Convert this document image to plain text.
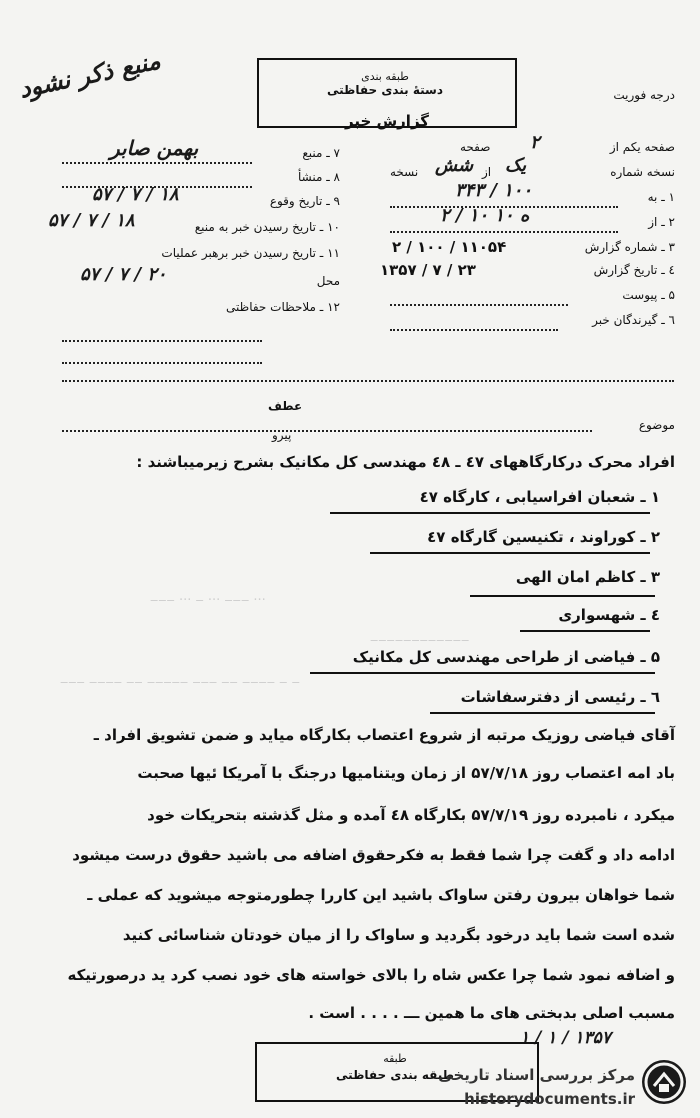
منبع ذکر نشود	طبقه بندی
دستهٔ بندی حفاظتی
گزارش خبر
درجه فوریت
صفحه یکم از
۲
صفحه
نسخه شماره
یک
از
شش
نسخه
۱ ـ به
۳۴۳ / ۱۰۰
۲ ـ از
۲ / ۱۰ ه ۱۰
۳ ـ شماره گزارش
۲ / ۱۰۰ / ۱۱۰۵۴
٤ ـ تاریخ گزارش
۱۳۵۷ / ۷ / ۲۳
۵ ـ پیوست
٦ ـ گیرندگان خبر
۷ ـ منبع
بهمن صابر
۸ ـ منشأ
۹ ـ تاریخ وقوع
۵۷ / ۷ / ۱۸
۱۰ ـ تاریخ رسیدن خبر به منبع
۵۷ / ۷ / ۱۸
۱۱ ـ تاریخ رسیدن خبر برهبر عملیات
محل
۵۷ / ۷ / ۲۰
۱۲ ـ ملاحظات حفاظتی
عطف
پیرو
موضوع
افراد محرک درکارگاههای ٤۷ ـ ٤۸ مهندسی کل مکانیک بشرح زیرمیباشند :
۱ ـ شعبان افراسیابی ، کارگاه ٤۷
۲ ـ کوراوند ، تکنیسین گارگاه ٤۷
۳ ـ کاظم امان الهی
··· ‒‒‒ ··· ‒ ··· ‒‒‒
٤ ـ شهسواری
‒‒‒‒‒‒‒‒‒‒‒‒
۵ ـ فیاضی از طراحی مهندسی کل مکانیک
‒ ‒ ‒‒‒‒ ‒‒ ‒‒‒ ‒‒‒‒‒ ‒‒ ‒‒‒‒ ‒‒‒
٦ ـ رئیسی از دفترسفاشات
آقای فیاضی روزیک مرتبه از شروع اعتصاب بکارگاه میاید و ضمن تشویق افراد ـ
باد امه اعتصاب روز ۵۷/۷/۱۸ از زمان ویتنامیها درجنگ با آمریکا ئیها صحبت
میکرد ، نامبرده روز ۵۷/۷/۱۹ بکارگاه ٤۸ آمده و مثل گذشته بتحریکات خود
ادامه داد و گفت چرا شما فقط به فکرحقوق اضافه می باشید حقوق درست میشود
شما خواهان بیرون رفتن ساواک باشید این کاررا چطورمتوجه میشوید که عملی ـ
شده است شما باید درخود بگردید و ساواک را از میان خودتان شناسائی کنید
و اضافه نمود شما چرا عکس شاه را بالای خواسته های خود نصب کرد ید درصورتیکه
مسبب اصلی بدبختی های ما همین ـــ . . . . است .
۱ / ۱ / ۱۳۵۷
طبقه
طبقه بندی حفاظتی
مرکز بررسی اسناد تاریخی
historydocuments.ir
